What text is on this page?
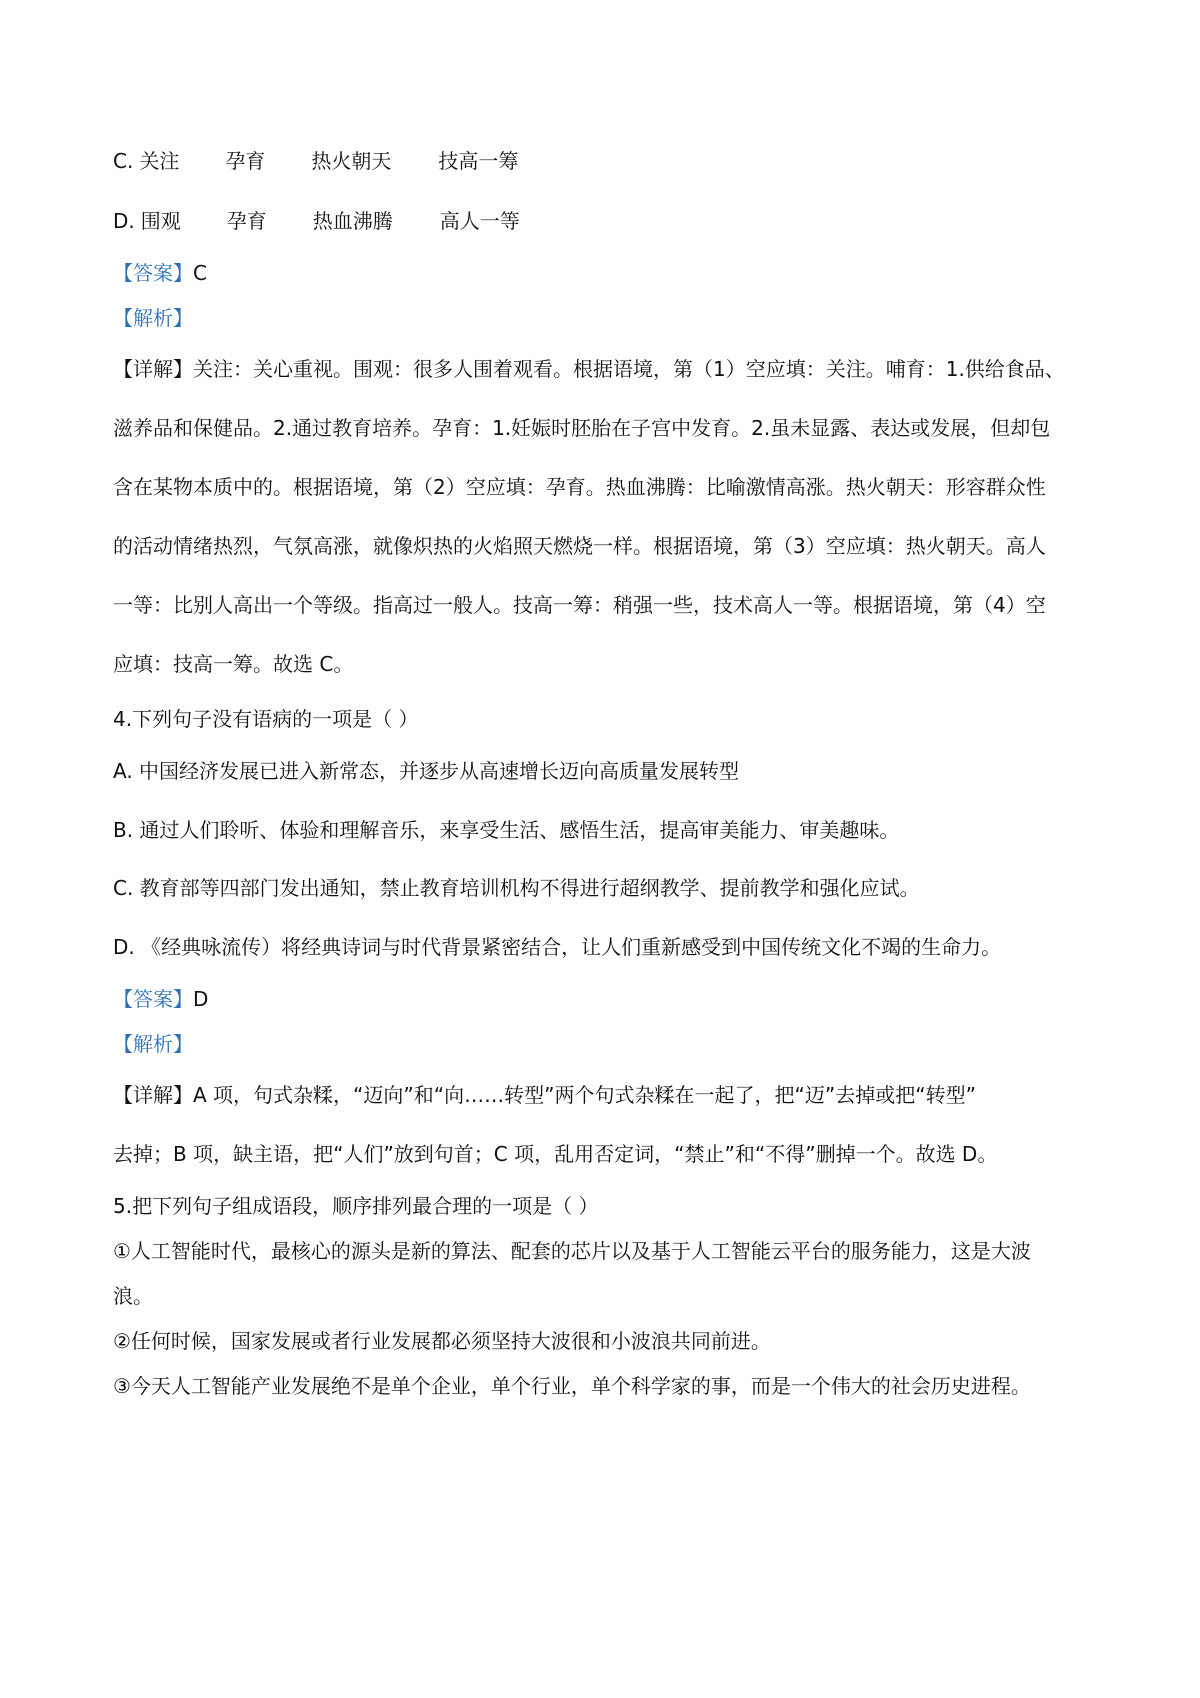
C. 关注 孕育 热火朝天 技高一筹
D. 围观 孕育 热血沸腾 高人一等
【答案】C
【解析】
【详解】关注：关心重视。围观：很多人围着观看。根据语境，第（1）空应填：关注。哺育：1.供给食品、
滋养品和保健品。2.通过教育培养。孕育：1.妊娠时胚胎在子宫中发育。2.虽未显露、表达或发展，但却包
含在某物本质中的。根据语境，第（2）空应填：孕育。热血沸腾：比喻激情高涨。热火朝天：形容群众性
的活动情绪热烈，气氛高涨，就像炽热的火焰照天燃烧一样。根据语境，第（3）空应填：热火朝天。高人
一等：比别人高出一个等级。指高过一般人。技高一筹：稍强一些，技术高人一等。根据语境，第（4）空
应填：技高一筹。故选 C。
4.下列句子没有语病的一项是（ ）
A. 中国经济发展已进入新常态，并逐步从高速增长迈向高质量发展转型
B. 通过人们聆听、体验和理解音乐，来享受生活、感悟生活，提高审美能力、审美趣味。
C. 教育部等四部门发出通知，禁止教育培训机构不得进行超纲教学、提前教学和强化应试。
D. 《经典咏流传）将经典诗词与时代背景紧密结合，让人们重新感受到中国传统文化不竭的生命力。
【答案】D
【解析】
【详解】A 项，句式杂糅，“迈向”和“向……转型”两个句式杂糅在一起了，把“迈”去掉或把“转型”
去掉；B 项，缺主语，把“人们”放到句首；C 项，乱用否定词，“禁止”和“不得”删掉一个。故选 D。
5.把下列句子组成语段，顺序排列最合理的一项是（ ）
①人工智能时代，最核心的源头是新的算法、配套的芯片以及基于人工智能云平台的服务能力，这是大波
浪。
②任何时候，国家发展或者行业发展都必须坚持大波很和小波浪共同前进。
③今天人工智能产业发展绝不是单个企业，单个行业，单个科学家的事，而是一个伟大的社会历史进程。
